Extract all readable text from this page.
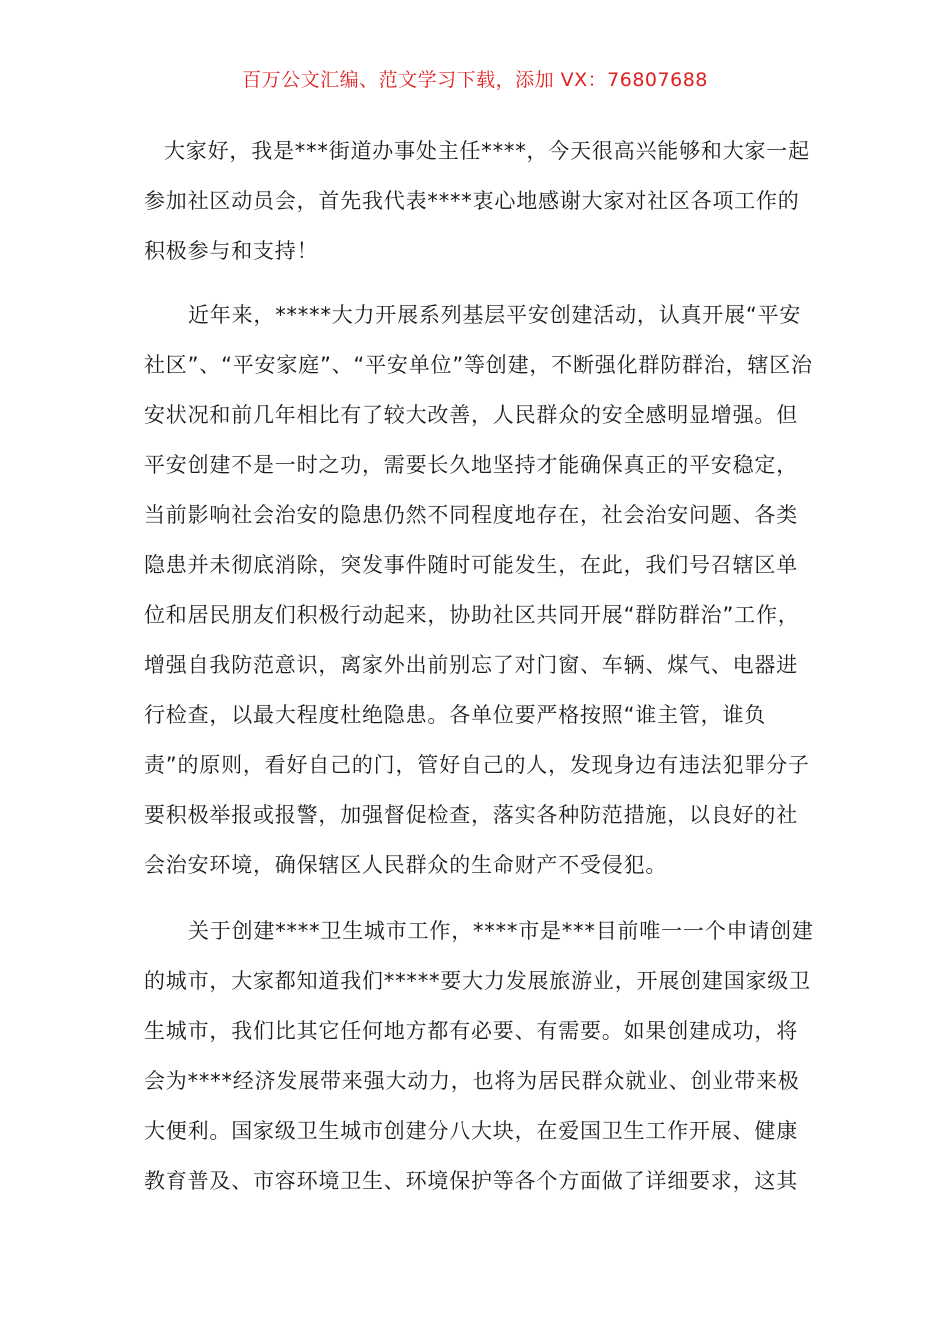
百万公文汇编、范文学习下载，添加 VX：76807688

大家好，我是***街道办事处主任****，今天很高兴能够和大家一起参加社区动员会，首先我代表****衷心地感谢大家对社区各项工作的积极参与和支持！

近年来，*****大力开展系列基层平安创建活动，认真开展“平安社区”、“平安家庭”、“平安单位”等创建，不断强化群防群治，辖区治安状况和前几年相比有了较大改善，人民群众的安全感明显增强。但平安创建不是一时之功，需要长久地坚持才能确保真正的平安稳定，当前影响社会治安的隐患仍然不同程度地存在，社会治安问题、各类隐患并未彻底消除，突发事件随时可能发生，在此，我们号召辖区单位和居民朋友们积极行动起来，协助社区共同开展“群防群治”工作，增强自我防范意识，离家外出前别忘了对门窗、车辆、煤气、电器进行检查，以最大程度杜绝隐患。各单位要严格按照“谁主管，谁负责”的原则，看好自己的门，管好自己的人，发现身边有违法犯罪分子要积极举报或报警，加强督促检查，落实各种防范措施，以良好的社会治安环境，确保辖区人民群众的生命财产不受侵犯。

关于创建****卫生城市工作，****市是***目前唯一一个申请创建的城市，大家都知道我们*****要大力发展旅游业，开展创建国家级卫生城市，我们比其它任何地方都有必要、有需要。如果创建成功，将会为****经济发展带来强大动力，也将为居民群众就业、创业带来极大便利。国家级卫生城市创建分八大块，在爱国卫生工作开展、健康教育普及、市容环境卫生、环境保护等各个方面做了详细要求，这其
